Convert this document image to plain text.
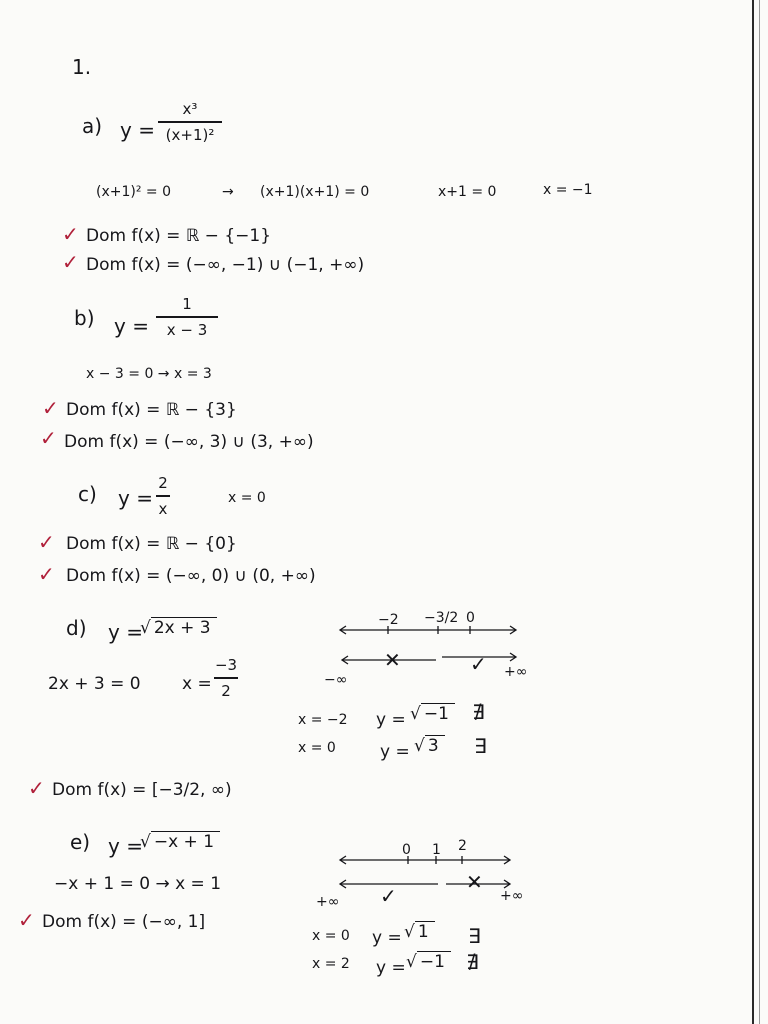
1.
a) y =
x³
(x+1)²
(x+1)² = 0	→ (x+1)(x+1) = 0	x+1 = 0	x = −1
✓ Dom f(x) = ℝ − {−1}
✓ Dom f(x) = (−∞, −1) ∪ (−1, +∞)
b) y =
1
x − 3
x − 3 = 0 → x = 3
✓ Dom f(x) = ℝ − {3}
✓ Dom f(x) = (−∞, 3) ∪ (3, +∞)
c) y =
2
x
x = 0
✓ Dom f(x) = ℝ − {0}
✓ Dom f(x) = (−∞, 0) ∪ (0, +∞)
d) y =
√ 2x + 3
2x + 3 = 0 x =
−3
2
−2 −3/2 0
✕	✓
−∞	+∞
x = −2 y = √ −1	∄
x = 0	y = √ 3	∃
✓ Dom f(x) = [−3/2, ∞)
e) y =
√ −x + 1
−x + 1 = 0 → x = 1
0 1 2
✓
✕
+∞	+∞
x = 0 y = √ 1	∃
x = 2 y = √ −1	∄
✓ Dom f(x) = (−∞, 1]
